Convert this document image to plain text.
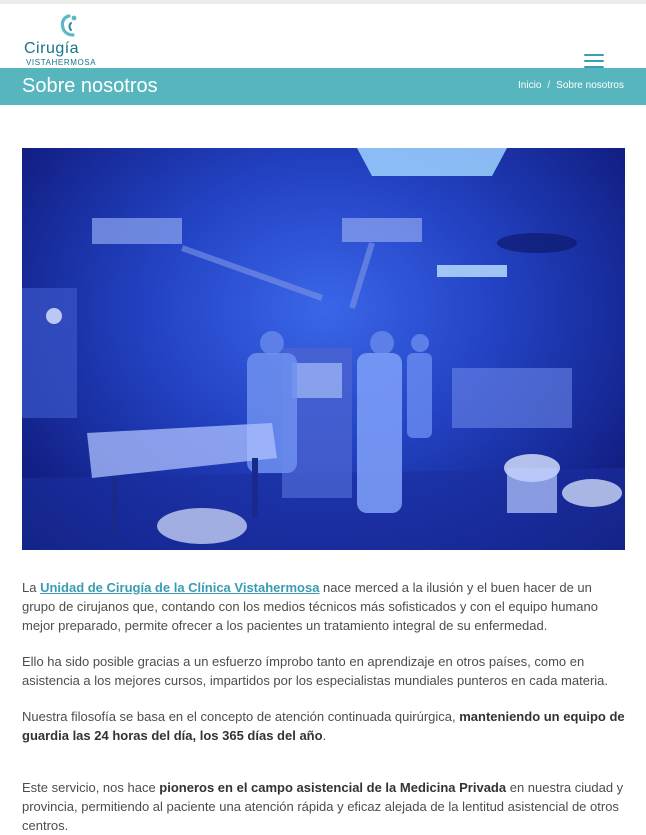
Cirugía
VISTAHERMOSA
Sobre nosotros	Inicio / Sobre nosotros

La Unidad de Cirugía de la Clínica Vistahermosa nace merced a la ilusión y el buen hacer de un grupo de cirujanos que, contando con los medios técnicos más sofisticados y con el equipo humano mejor preparado, permite ofrecer a los pacientes un tratamiento integral de su enfermedad.

Ello ha sido posible gracias a un esfuerzo ímprobo tanto en aprendizaje en otros países, como en asistencia a los mejores cursos, impartidos por los especialistas mundiales punteros en cada materia.

Nuestra filosofía se basa en el concepto de atención continuada quirúrgica, manteniendo un equipo de guardia las 24 horas del día, los 365 días del año.

Este servicio, nos hace pioneros en el campo asistencial de la Medicina Privada en nuestra ciudad y provincia, permitiendo al paciente una atención rápida y eficaz alejada de la lentitud asistencial de otros centros.
